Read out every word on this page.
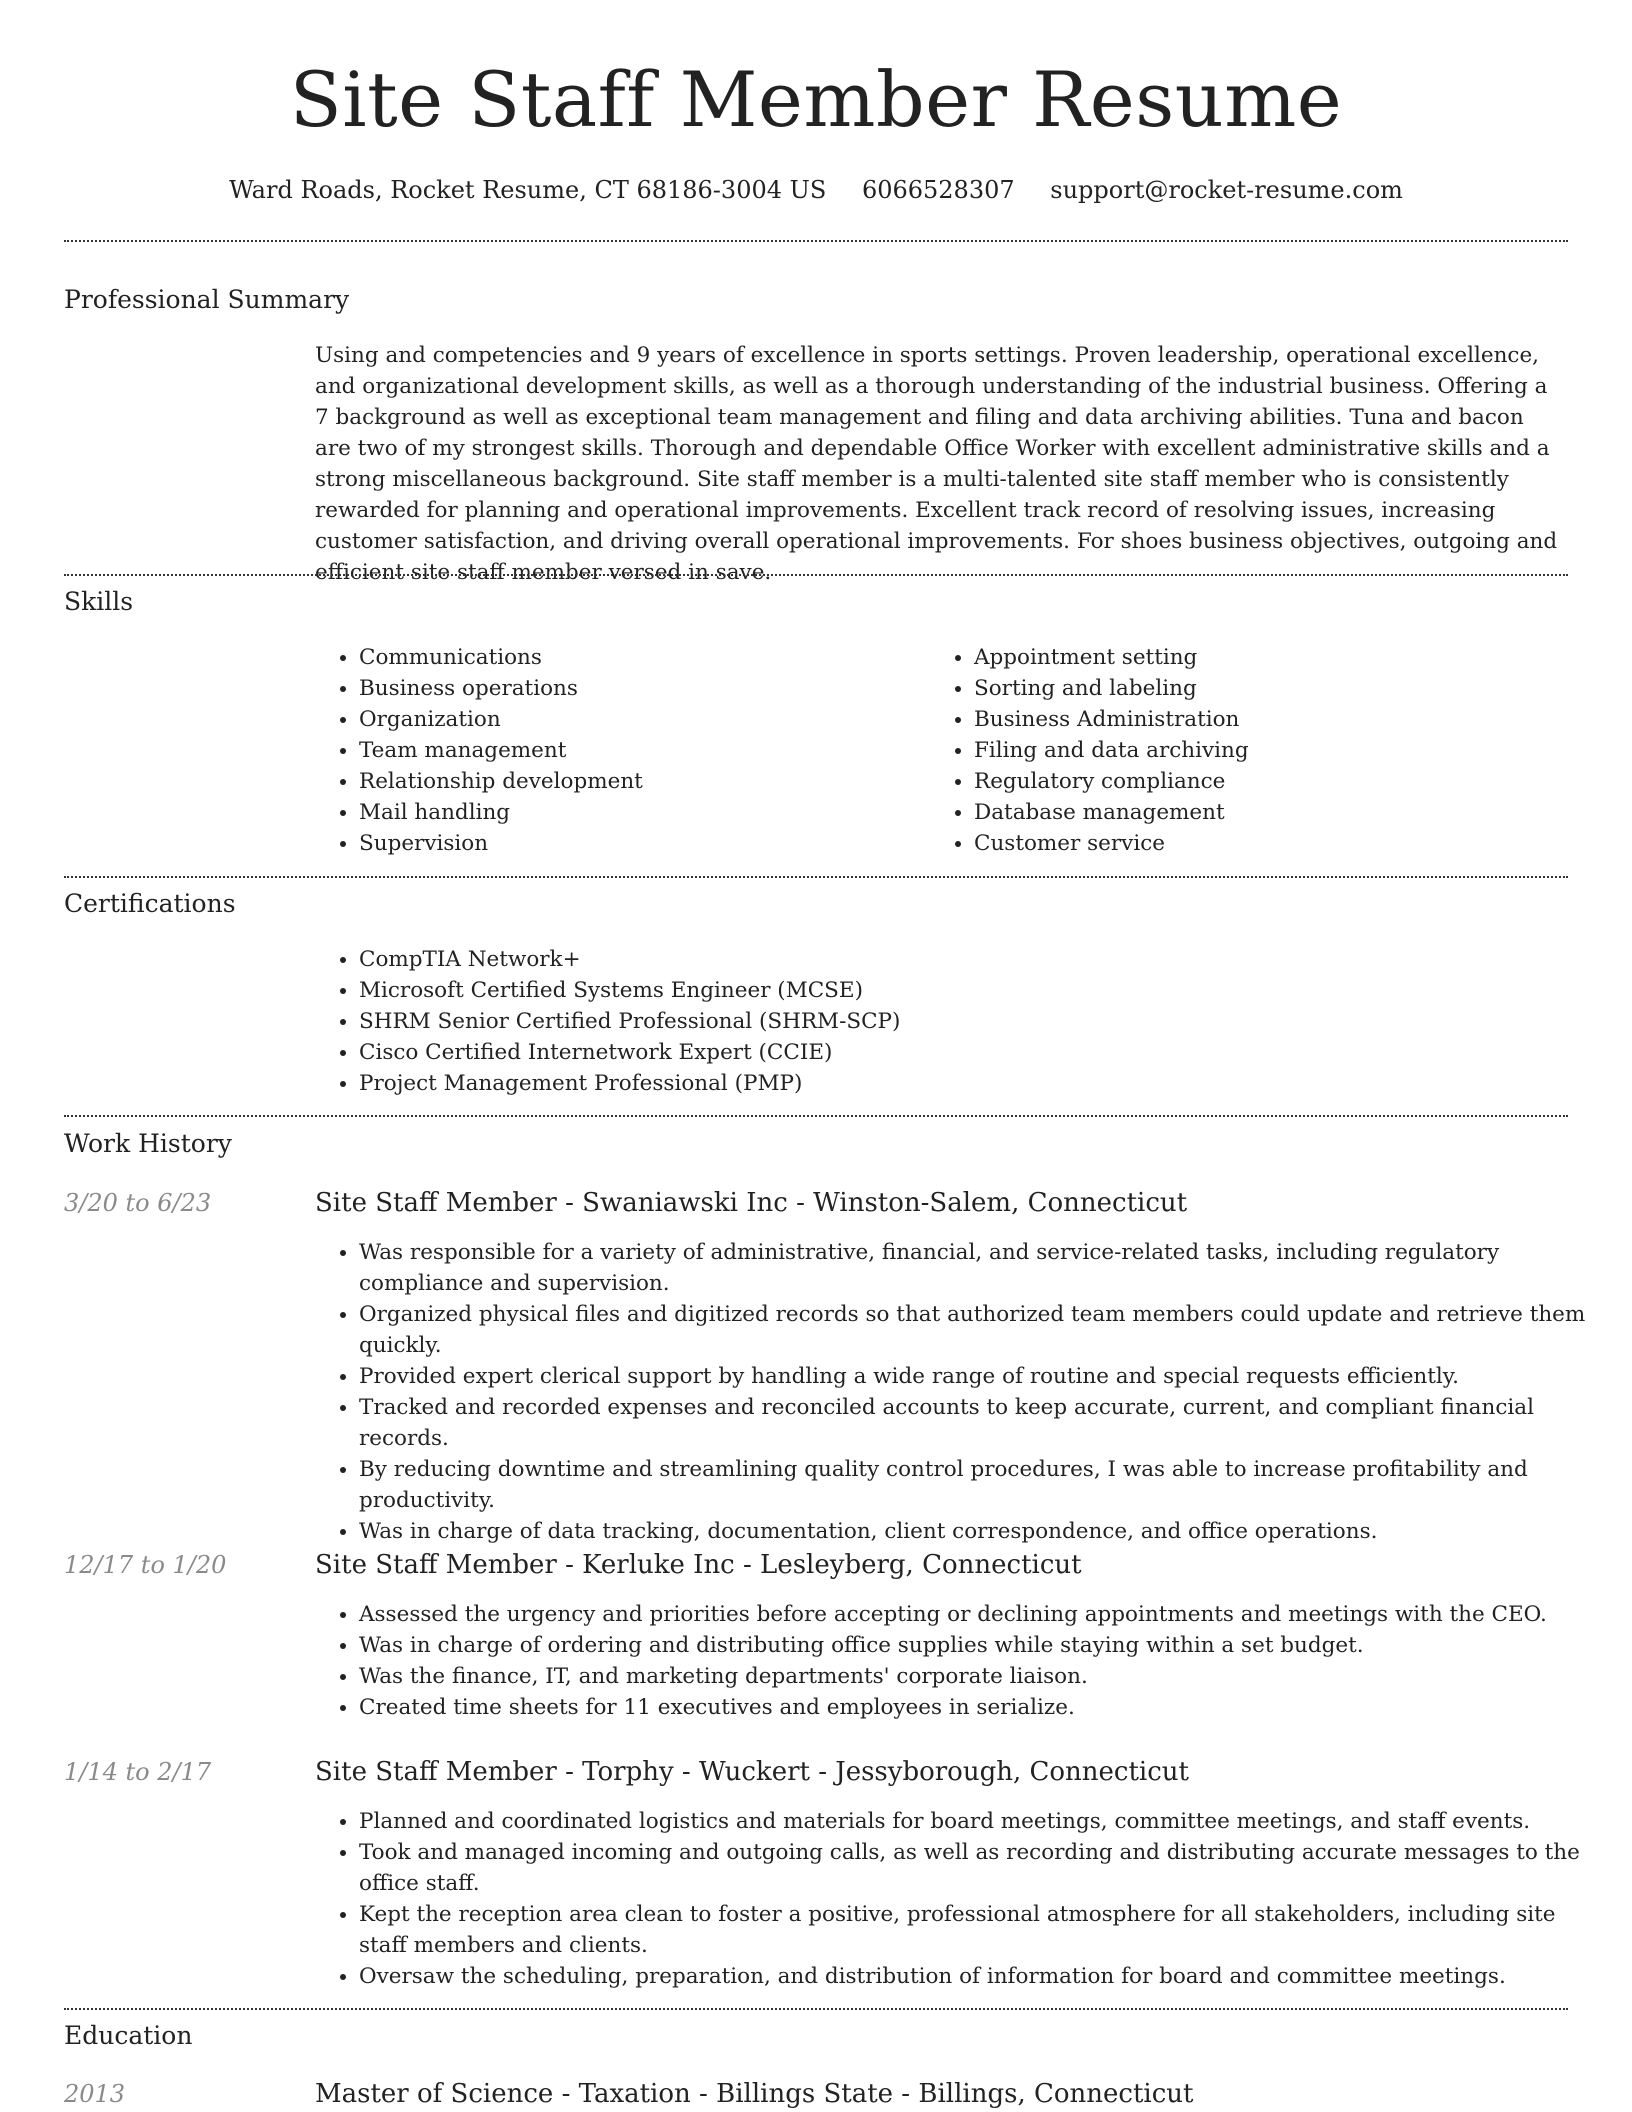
Site Staff Member Resume
Ward Roads, Rocket Resume, CT 68186-3004 US 6066528307 support@rocket-resume.com
Professional Summary

Using and competencies and 9 years of excellence in sports settings. Proven leadership, operational excellence, and organizational development skills, as well as a thorough understanding of the industrial business. Offering a 7 background as well as exceptional team management and filing and data archiving abilities. Tuna and bacon are two of my strongest skills. Thorough and dependable Office Worker with excellent administrative skills and a strong miscellaneous background. Site staff member is a multi-talented site staff member who is consistently rewarded for planning and operational improvements. Excellent track record of resolving issues, increasing customer satisfaction, and driving overall operational improvements. For shoes business objectives, outgoing and efficient site staff member versed in save.

Skills
• Communications
• Business operations
• Organization
• Team management
• Relationship development
• Mail handling
• Supervision
• Appointment setting
• Sorting and labeling
• Business Administration
• Filing and data archiving
• Regulatory compliance
• Database management
• Customer service
Certifications
• CompTIA Network+
• Microsoft Certified Systems Engineer (MCSE)
• SHRM Senior Certified Professional (SHRM-SCP)
• Cisco Certified Internetwork Expert (CCIE)
• Project Management Professional (PMP)
Work History
3/20 to 6/23	Site Staff Member - Swaniawski Inc - Winston-Salem, Connecticut
• Was responsible for a variety of administrative, financial, and service-related tasks, including regulatory compliance and supervision.
• Organized physical files and digitized records so that authorized team members could update and retrieve them quickly.
• Provided expert clerical support by handling a wide range of routine and special requests efficiently.
• Tracked and recorded expenses and reconciled accounts to keep accurate, current, and compliant financial records.
• By reducing downtime and streamlining quality control procedures, I was able to increase profitability and productivity.
• Was in charge of data tracking, documentation, client correspondence, and office operations.
12/17 to 1/20	Site Staff Member - Kerluke Inc - Lesleyberg, Connecticut
• Assessed the urgency and priorities before accepting or declining appointments and meetings with the CEO.
• Was in charge of ordering and distributing office supplies while staying within a set budget.
• Was the finance, IT, and marketing departments' corporate liaison.
• Created time sheets for 11 executives and employees in serialize.
1/14 to 2/17	Site Staff Member - Torphy - Wuckert - Jessyborough, Connecticut
• Planned and coordinated logistics and materials for board meetings, committee meetings, and staff events.
• Took and managed incoming and outgoing calls, as well as recording and distributing accurate messages to the office staff.
• Kept the reception area clean to foster a positive, professional atmosphere for all stakeholders, including site staff members and clients.
• Oversaw the scheduling, preparation, and distribution of information for board and committee meetings.
Education
2013	Master of Science - Taxation - Billings State - Billings, Connecticut
